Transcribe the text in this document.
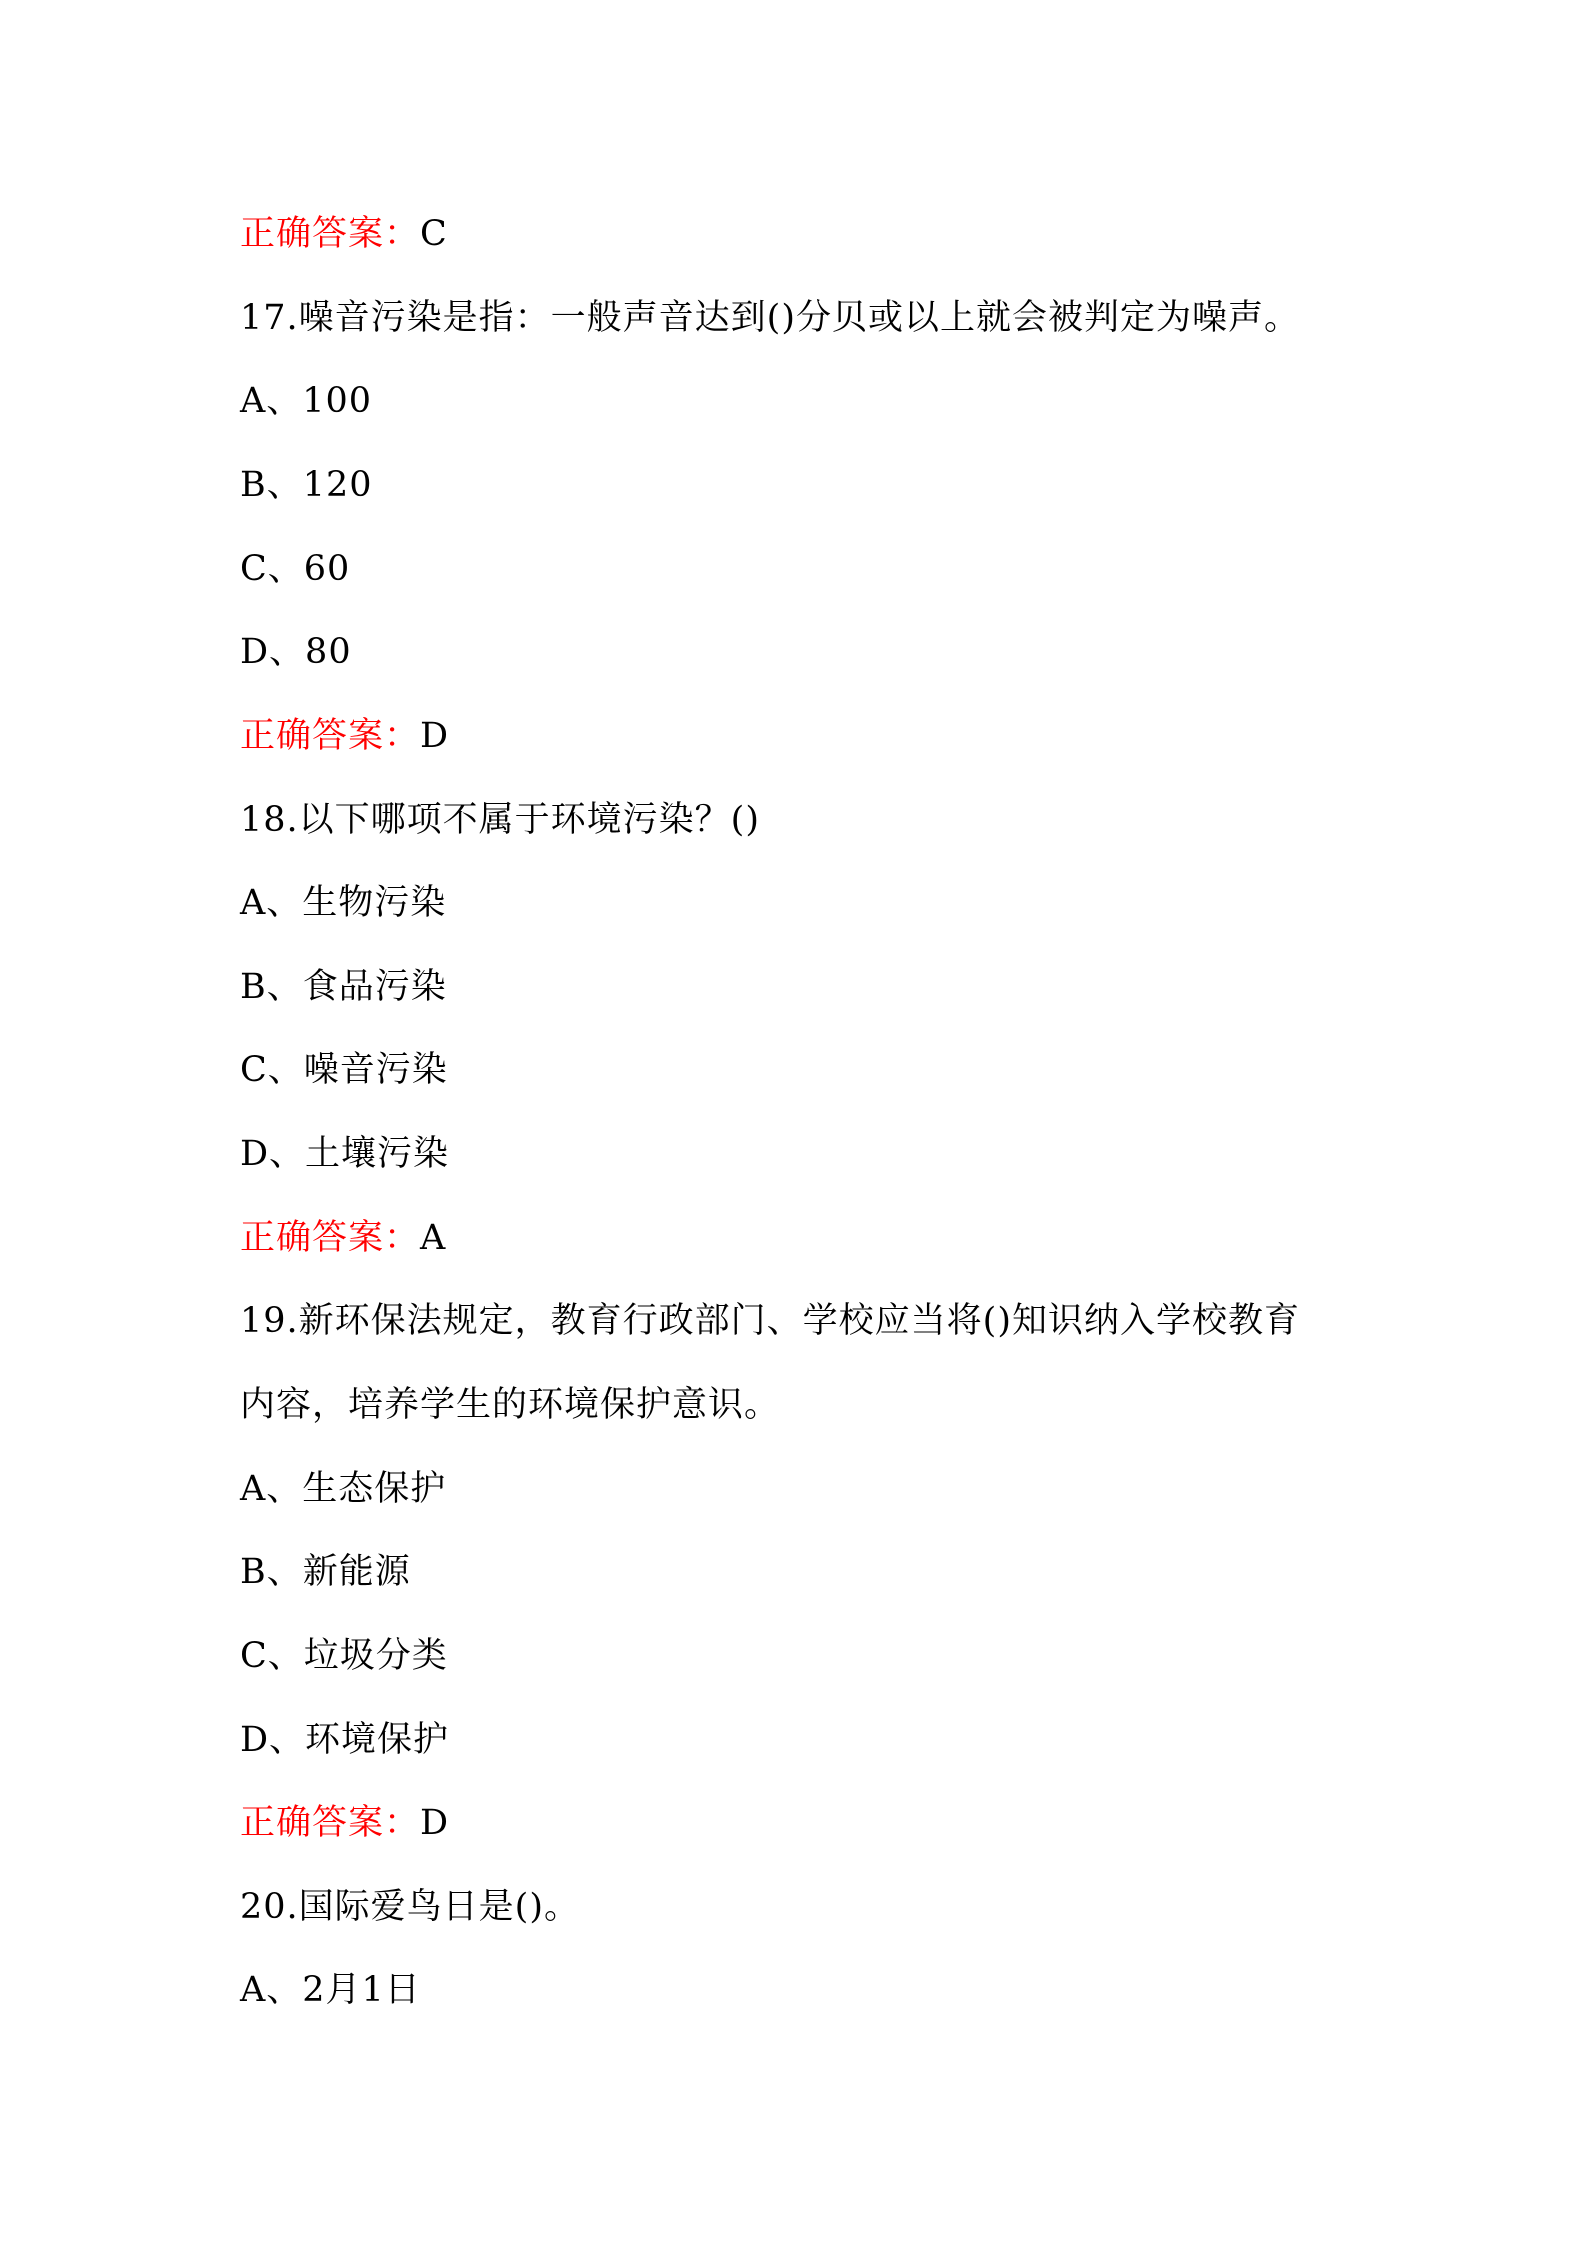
正确答案：C
17.噪音污染是指：一般声音达到()分贝或以上就会被判定为噪声。
A、100
B、120
C、60
D、80
正确答案：D
18.以下哪项不属于环境污染？()
A、生物污染
B、食品污染
C、噪音污染
D、土壤污染
正确答案：A
19.新环保法规定，教育行政部门、学校应当将()知识纳入学校教育
内容，培养学生的环境保护意识。
A、生态保护
B、新能源
C、垃圾分类
D、环境保护
正确答案：D
20.国际爱鸟日是()。
A、2月1日
